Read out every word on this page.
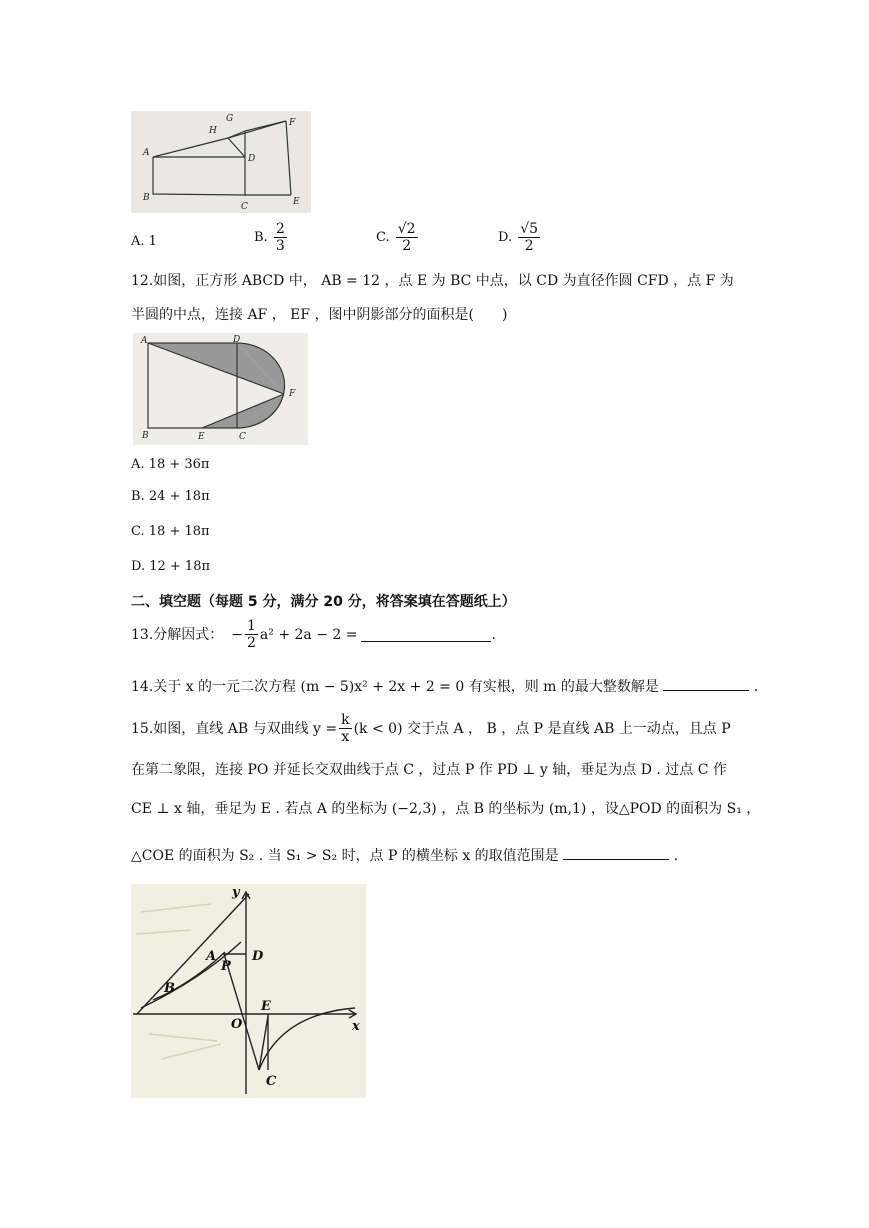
G
H
F
A
D
B
C	E
A. 1	B. $\frac{2}{3}$	C. $\frac{√2}{2}$	D. $\frac{√5}{2}$
12.如图，正方形 ABCD 中， AB = 12 ，点 E 为 BC 中点，以 CD 为直径作圆 CFD ，点 F 为
半圆的中点，连接 AF ， EF ，图中阴影部分的面积是(　　)
A	D
F
B	E	C
A. 18 + 36π
B. 24 + 18π
C. 18 + 18π
D. 12 + 18π
二、填空题（每题 5 分，满分 20 分，将答案填在答题纸上）
13.分解因式： − $\frac{1}{2} a^2 + 2a - 2$ =	.
14.关于 x 的一元二次方程 (m − 5)x² + 2x + 2 = 0 有实根，则 m 的最大整数解是	.
15.如图，直线 AB 与双曲线 $y = \frac{k}{x} (k < 0)$ 交于点 A ， B ，点 P 是直线 AB 上一动点，且点 P
在第二象限，连接 PO 并延长交双曲线于点 C ，过点 P 作 PD ⊥ y 轴，垂足为点 D . 过点 C 作
CE ⊥ x 轴，垂足为 E . 若点 A 的坐标为 (−2,3) ，点 B 的坐标为 (m,1) ，设△POD 的面积为 S₁ ，
△COE 的面积为 S₂ . 当 S₁ > S₂ 时，点 P 的横坐标 x 的取值范围是	.
y
x
A
P
D
B
E
O
C
